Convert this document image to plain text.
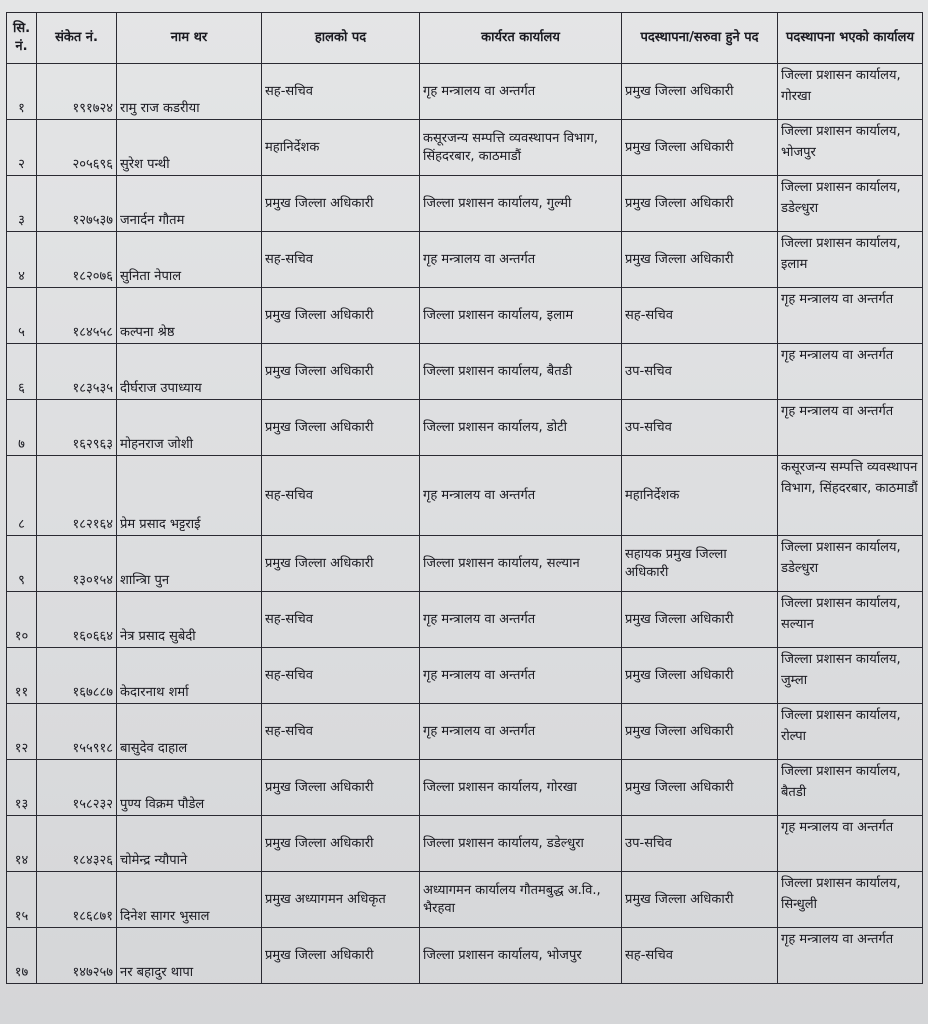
सि.नं.	संकेत नं.	नाम थर	हालको पद	कार्यरत कार्यालय	पदस्थापना/सरुवा हुने पद	पदस्थापना भएको कार्यालय
१	१९१७२४	रामु राज कडरीया	सह-सचिव	गृह मन्त्रालय वा अन्तर्गत	प्रमुख जिल्ला अधिकारी	जिल्ला प्रशासन कार्यालय, गोरखा
२	२०५६९६	सुरेश पन्थी	महानिर्देशक	कसूरजन्य सम्पत्ति व्यवस्थापन विभाग, सिंहदरबार, काठमाडौं	प्रमुख जिल्ला अधिकारी	जिल्ला प्रशासन कार्यालय, भोजपुर
३	१२७५३७	जनार्दन गौतम	प्रमुख जिल्ला अधिकारी	जिल्ला प्रशासन कार्यालय, गुल्मी	प्रमुख जिल्ला अधिकारी	जिल्ला प्रशासन कार्यालय, डडेल्धुरा
४	१८२०७६	सुनिता नेपाल	सह-सचिव	गृह मन्त्रालय वा अन्तर्गत	प्रमुख जिल्ला अधिकारी	जिल्ला प्रशासन कार्यालय, इलाम
५	१८४५५८	कल्पना श्रेष्ठ	प्रमुख जिल्ला अधिकारी	जिल्ला प्रशासन कार्यालय, इलाम	सह-सचिव	गृह मन्त्रालय वा अन्तर्गत
६	१८३५३५	दीर्घराज उपाध्याय	प्रमुख जिल्ला अधिकारी	जिल्ला प्रशासन कार्यालय, बैतडी	उप-सचिव	गृह मन्त्रालय वा अन्तर्गत
७	१६२९६३	मोहनराज जोशी	प्रमुख जिल्ला अधिकारी	जिल्ला प्रशासन कार्यालय, डोटी	उप-सचिव	गृह मन्त्रालय वा अन्तर्गत
८	१८२१६४	प्रेम प्रसाद भट्टराई	सह-सचिव	गृह मन्त्रालय वा अन्तर्गत	महानिर्देशक	कसूरजन्य सम्पत्ति व्यवस्थापन विभाग, सिंहदरबार, काठमाडौं
९	१३०१५४	शान्त्रिा पुन	प्रमुख जिल्ला अधिकारी	जिल्ला प्रशासन कार्यालय, सल्यान	सहायक प्रमुख जिल्ला अधिकारी	जिल्ला प्रशासन कार्यालय, डडेल्धुरा
१०	१६०६६४	नेत्र प्रसाद सुबेदी	सह-सचिव	गृह मन्त्रालय वा अन्तर्गत	प्रमुख जिल्ला अधिकारी	जिल्ला प्रशासन कार्यालय, सल्यान
११	१६७८८७	केदारनाथ शर्मा	सह-सचिव	गृह मन्त्रालय वा अन्तर्गत	प्रमुख जिल्ला अधिकारी	जिल्ला प्रशासन कार्यालय, जुम्ला
१२	१५५९१८	बासुदेव दाहाल	सह-सचिव	गृह मन्त्रालय वा अन्तर्गत	प्रमुख जिल्ला अधिकारी	जिल्ला प्रशासन कार्यालय, रोल्पा
१३	१५८२३२	पुण्य विक्रम पौडेल	प्रमुख जिल्ला अधिकारी	जिल्ला प्रशासन कार्यालय, गोरखा	प्रमुख जिल्ला अधिकारी	जिल्ला प्रशासन कार्यालय, बैतडी
१४	१८४३२६	चोमेन्द्र न्यौपाने	प्रमुख जिल्ला अधिकारी	जिल्ला प्रशासन कार्यालय, डडेल्धुरा	उप-सचिव	गृह मन्त्रालय वा अन्तर्गत
१५	१८६८७१	दिनेश सागर भुसाल	प्रमुख अध्यागमन अधिकृत	अध्यागमन कार्यालय गौतमबुद्ध अ.वि., भैरहवा	प्रमुख जिल्ला अधिकारी	जिल्ला प्रशासन कार्यालय, सिन्धुली
१७	१४७२५७	नर बहादुर थापा	प्रमुख जिल्ला अधिकारी	जिल्ला प्रशासन कार्यालय, भोजपुर	सह-सचिव	गृह मन्त्रालय वा अन्तर्गत
